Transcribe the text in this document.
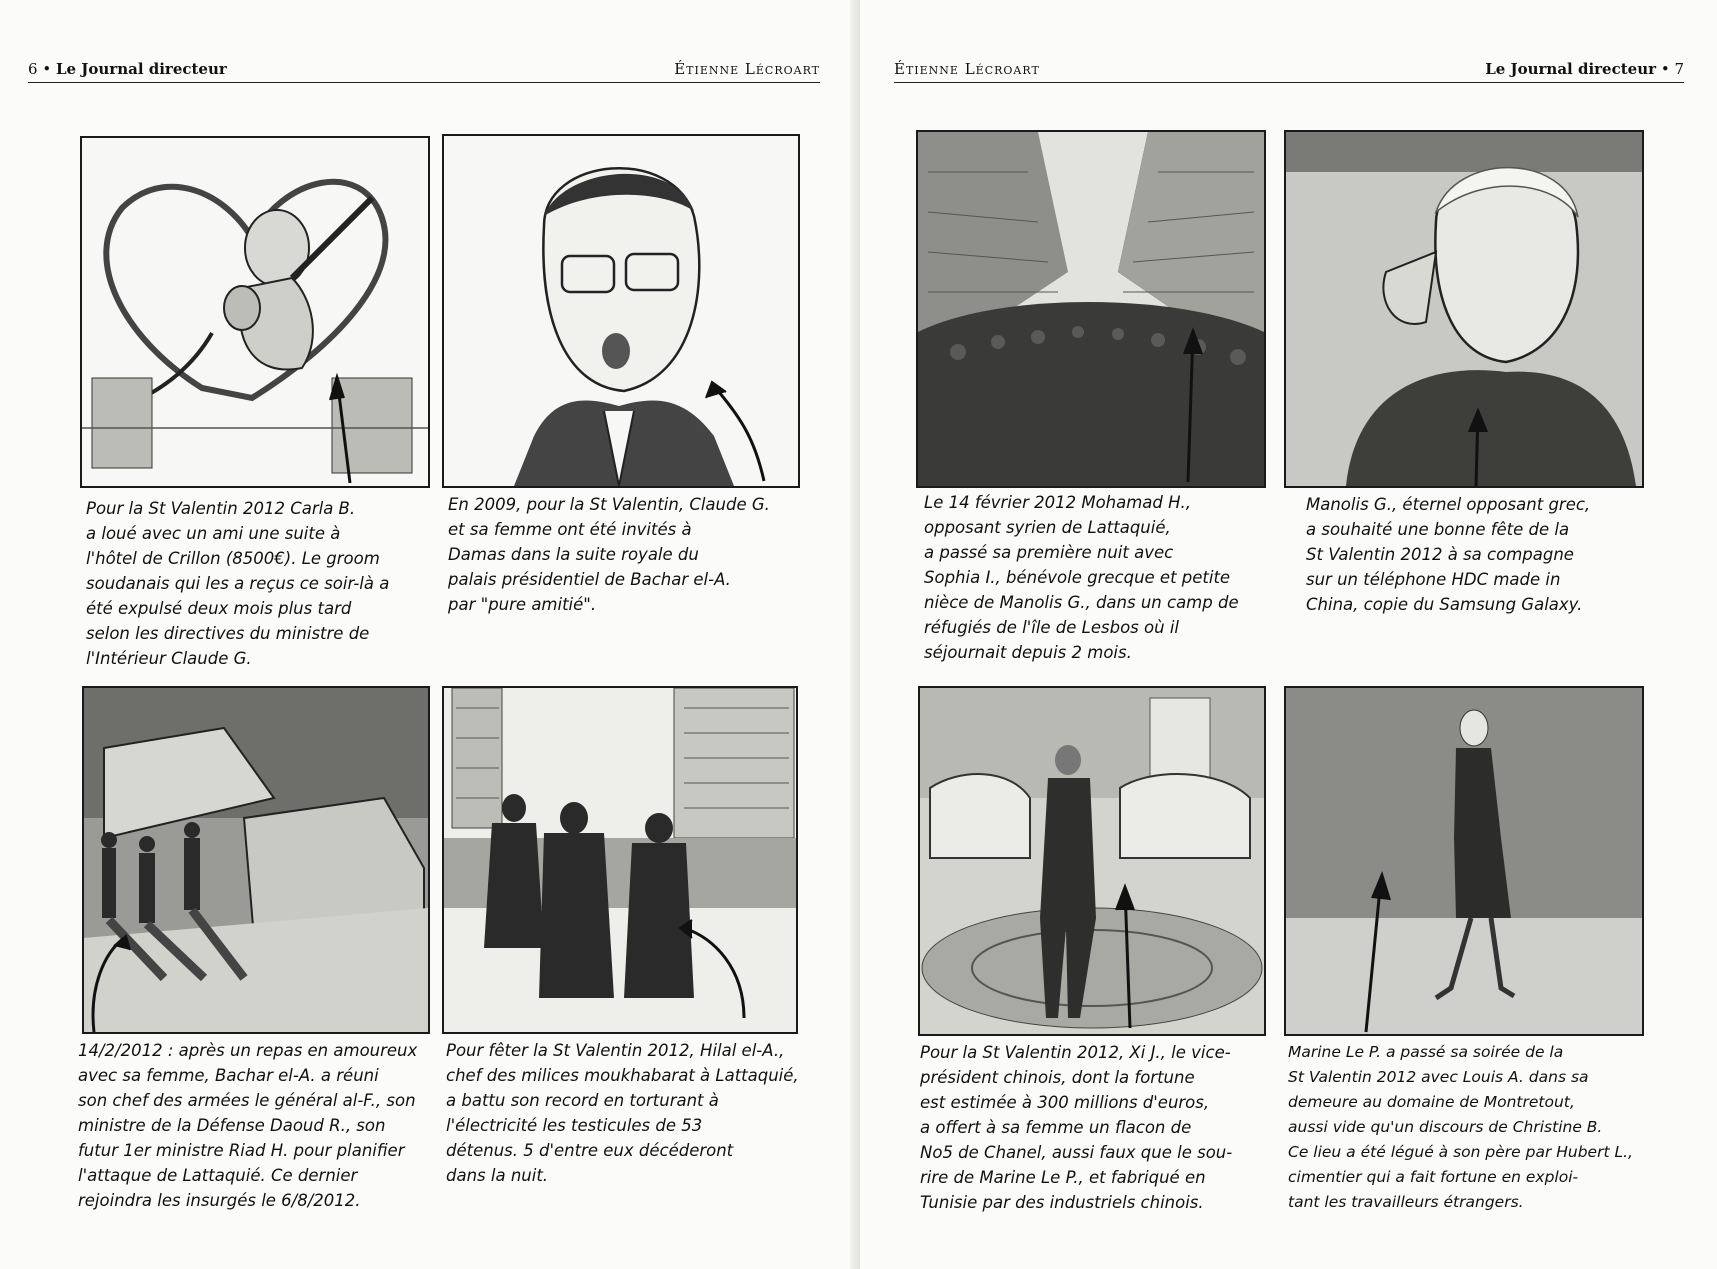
6 • Le Journal directeur	Étienne Lécroart
Pour la St Valentin 2012 Carla B.
a loué avec un ami une suite à
l'hôtel de Crillon (8500€). Le groom
soudanais qui les a reçus ce soir-là a
été expulsé deux mois plus tard
selon les directives du ministre de
l'Intérieur Claude G.
En 2009, pour la St Valentin, Claude G.
et sa femme ont été invités à
Damas dans la suite royale du
palais présidentiel de Bachar el-A.
par "pure amitié".
14/2/2012 : après un repas en amoureux
avec sa femme, Bachar el-A. a réuni
son chef des armées le général al-F., son
ministre de la Défense Daoud R., son
futur 1er ministre Riad H. pour planifier
l'attaque de Lattaquié. Ce dernier
rejoindra les insurgés le 6/8/2012.
Pour fêter la St Valentin 2012, Hilal el-A.,
chef des milices moukhabarat à Lattaquié,
a battu son record en torturant à
l'électricité les testicules de 53
détenus. 5 d'entre eux décéderont
dans la nuit.
Étienne Lécroart	Le Journal directeur • 7
Le 14 février 2012 Mohamad H.,
opposant syrien de Lattaquié,
a passé sa première nuit avec
Sophia I., bénévole grecque et petite
nièce de Manolis G., dans un camp de
réfugiés de l'île de Lesbos où il
séjournait depuis 2 mois.
Manolis G., éternel opposant grec,
a souhaité une bonne fête de la
St Valentin 2012 à sa compagne
sur un téléphone HDC made in
China, copie du Samsung Galaxy.
Pour la St Valentin 2012, Xi J., le vice-
président chinois, dont la fortune
est estimée à 300 millions d'euros,
a offert à sa femme un flacon de
No5 de Chanel, aussi faux que le sou-
rire de Marine Le P., et fabriqué en
Tunisie par des industriels chinois.
Marine Le P. a passé sa soirée de la
St Valentin 2012 avec Louis A. dans sa
demeure au domaine de Montretout,
aussi vide qu'un discours de Christine B.
Ce lieu a été légué à son père par Hubert L.,
cimentier qui a fait fortune en exploi-
tant les travailleurs étrangers.
